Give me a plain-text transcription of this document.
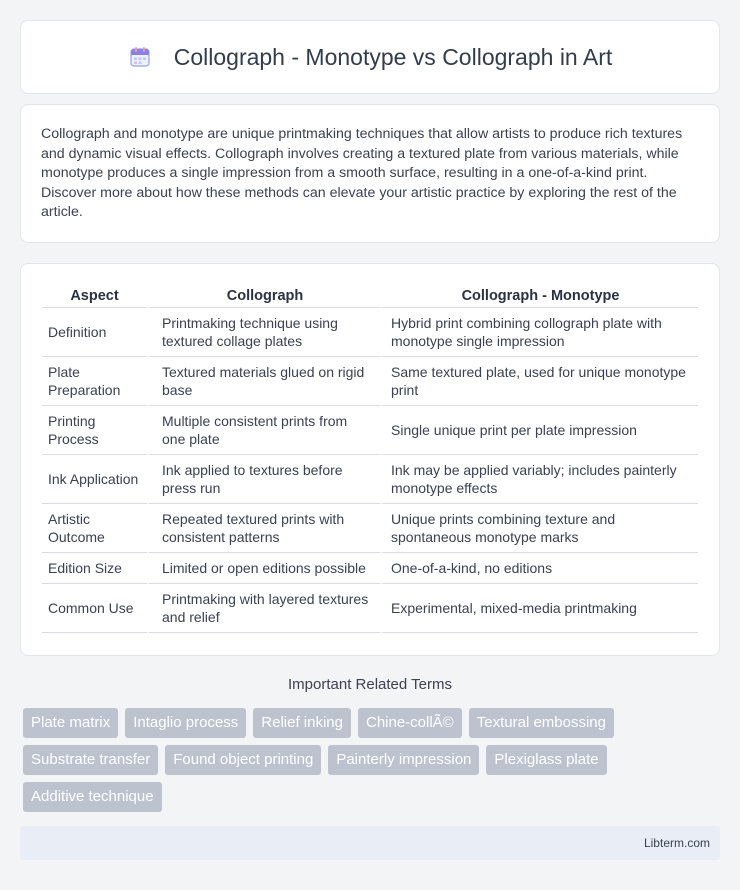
Collograph - Monotype vs Collograph in Art

Collograph and monotype are unique printmaking techniques that allow artists to produce rich textures and dynamic visual effects. Collograph involves creating a textured plate from various materials, while monotype produces a single impression from a smooth surface, resulting in a one-of-a-kind print. Discover more about how these methods can elevate your artistic practice by exploring the rest of the article.

Aspect	Collograph	Collograph - Monotype
Definition	Printmaking technique using textured collage plates	Hybrid print combining collograph plate with monotype single impression
Plate Preparation	Textured materials glued on rigid base	Same textured plate, used for unique monotype print
Printing Process	Multiple consistent prints from one plate	Single unique print per plate impression
Ink Application	Ink applied to textures before press run	Ink may be applied variably; includes painterly monotype effects
Artistic Outcome	Repeated textured prints with consistent patterns	Unique prints combining texture and spontaneous monotype marks
Edition Size	Limited or open editions possible	One-of-a-kind, no editions
Common Use	Printmaking with layered textures and relief	Experimental, mixed-media printmaking
Important Related Terms
Plate matrix	Intaglio process	Relief inking	Chine-collÃ©	Textural embossing
Substrate transfer	Found object printing	Painterly impression	Plexiglass plate
Additive technique
Libterm.com
